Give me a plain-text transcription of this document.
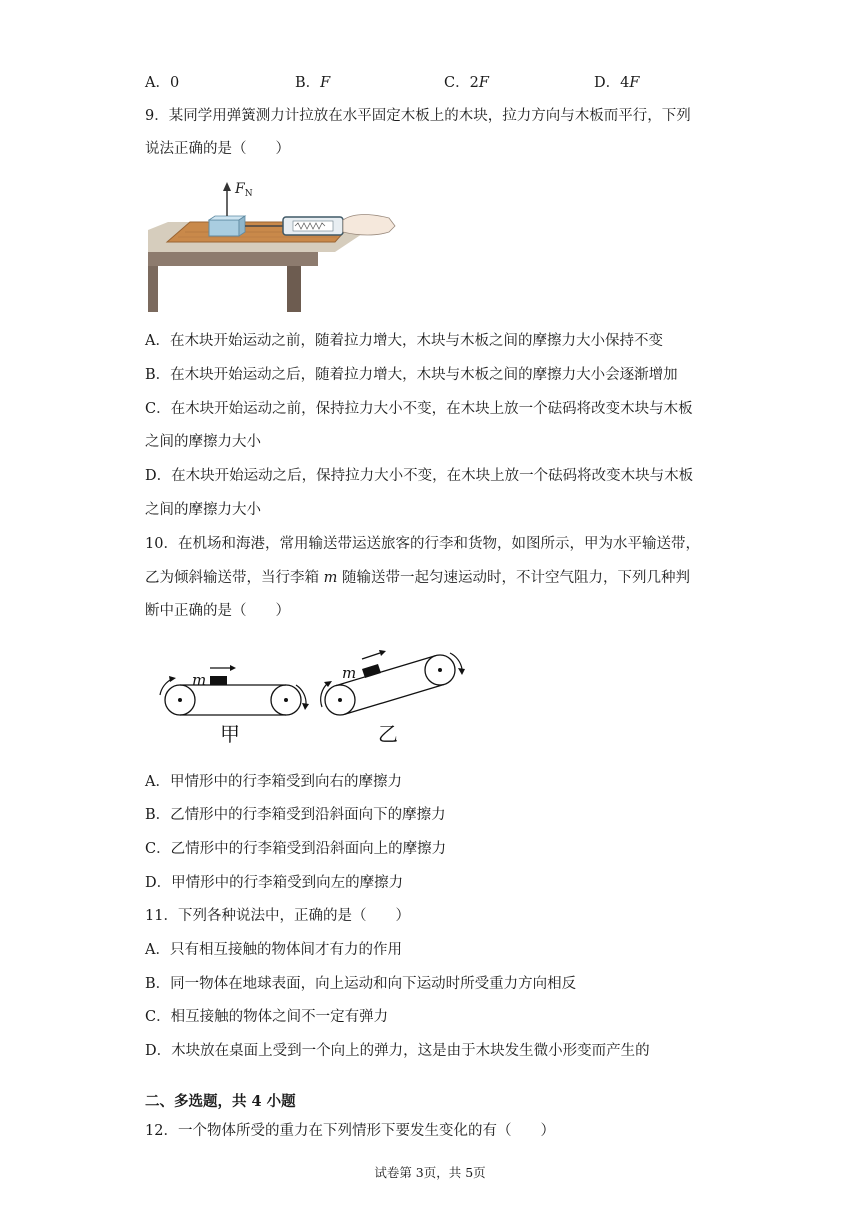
A．0	B．F	C．2F	D．4F
9．某同学用弹簧测力计拉放在水平固定木板上的木块，拉力方向与木板而平行，下列
说法正确的是（　　）
$F_N$
A．在木块开始运动之前，随着拉力增大，木块与木板之间的摩擦力大小保持不变
B．在木块开始运动之后，随着拉力增大，木块与木板之间的摩擦力大小会逐渐增加
C．在木块开始运动之前，保持拉力大小不变，在木块上放一个砝码将改变木块与木板
之间的摩擦力大小
D．在木块开始运动之后，保持拉力大小不变，在木块上放一个砝码将改变木块与木板
之间的摩擦力大小
10．在机场和海港，常用输送带运送旅客的行李和货物，如图所示，甲为水平输送带，
乙为倾斜输送带，当行李箱 m 随输送带一起匀速运动时，不计空气阻力，下列几种判
断中正确的是（　　）
m
甲
m
乙
A．甲情形中的行李箱受到向右的摩擦力
B．乙情形中的行李箱受到沿斜面向下的摩擦力
C．乙情形中的行李箱受到沿斜面向上的摩擦力
D．甲情形中的行李箱受到向左的摩擦力
11．下列各种说法中，正确的是（　　）
A．只有相互接触的物体间才有力的作用
B．同一物体在地球表面，向上运动和向下运动时所受重力方向相反
C．相互接触的物体之间不一定有弹力
D．木块放在桌面上受到一个向上的弹力，这是由于木块发生微小形变而产生的
二、多选题，共 4 小题
12．一个物体所受的重力在下列情形下要发生变化的有（　　）
试卷第 3页，共 5页
